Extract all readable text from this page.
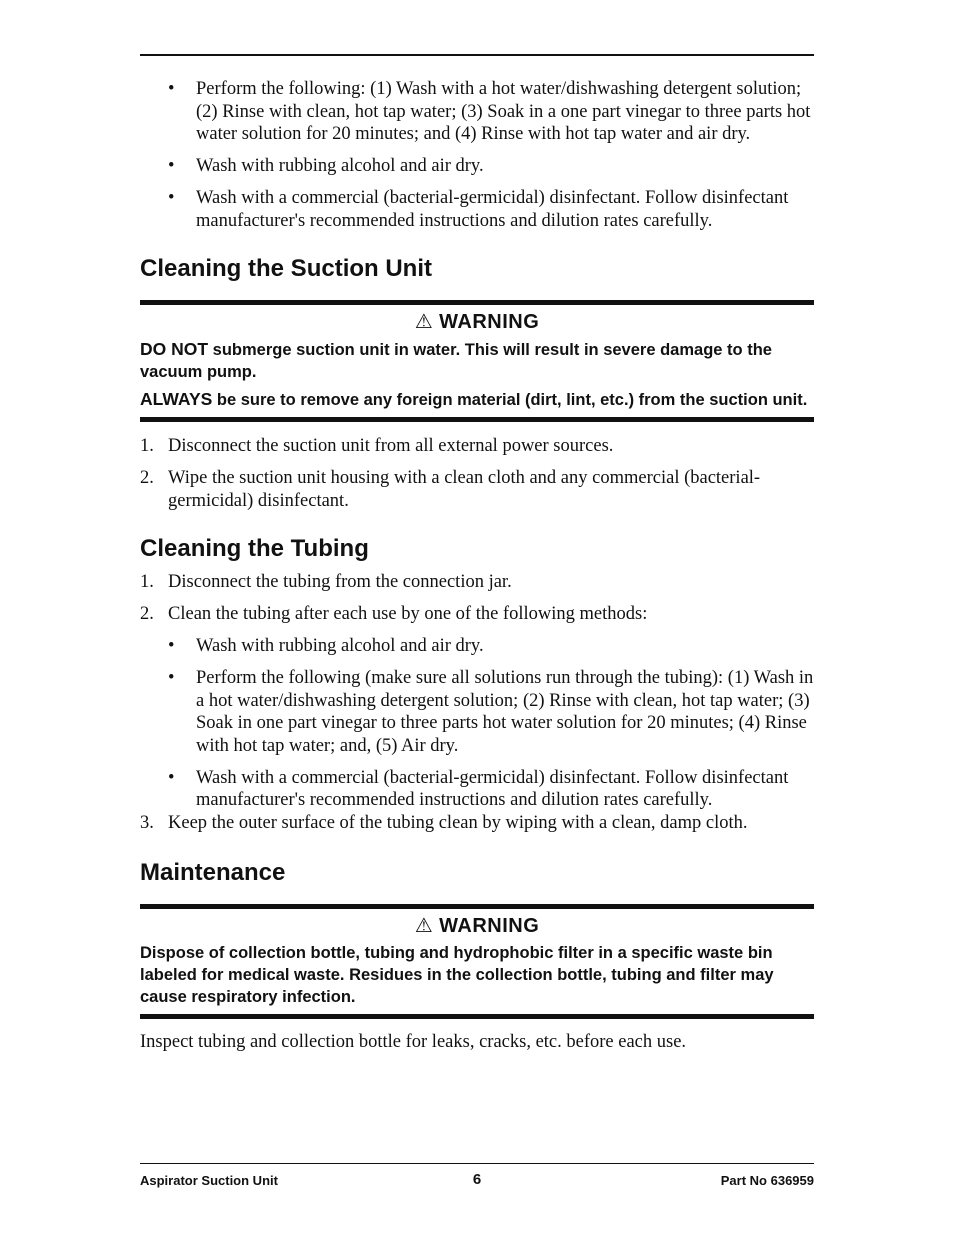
• Perform the following: (1) Wash with a hot water/dishwashing detergent solution; (2) Rinse with clean, hot tap water; (3) Soak in a one part vinegar to three parts hot water solution for 20 minutes; and (4) Rinse with hot tap water and air dry.
• Wash with rubbing alcohol and air dry.
• Wash with a commercial (bacterial-germicidal) disinfectant. Follow disinfectant manufacturer's recommended instructions and dilution rates carefully.
Cleaning the Suction Unit
⚠ WARNING

DO NOT submerge suction unit in water. This will result in severe damage to the vacuum pump.

ALWAYS be sure to remove any foreign material (dirt, lint, etc.) from the suction unit.

1. Disconnect the suction unit from all external power sources.
2. Wipe the suction unit housing with a clean cloth and any commercial (bacterial-germicidal) disinfectant.
Cleaning the Tubing
1. Disconnect the tubing from the connection jar.
2. Clean the tubing after each use by one of the following methods:
• Wash with rubbing alcohol and air dry.
• Perform the following (make sure all solutions run through the tubing): (1) Wash in a hot water/dishwashing detergent solution; (2) Rinse with clean, hot tap water; (3) Soak in one part vinegar to three parts hot water solution for 20 minutes; (4) Rinse with hot tap water; and, (5) Air dry.
• Wash with a commercial (bacterial-germicidal) disinfectant. Follow disinfectant manufacturer's recommended instructions and dilution rates carefully.
3. Keep the outer surface of the tubing clean by wiping with a clean, damp cloth.
Maintenance
⚠ WARNING

Dispose of collection bottle, tubing and hydrophobic filter in a specific waste bin labeled for medical waste. Residues in the collection bottle, tubing and filter may cause respiratory infection.

Inspect tubing and collection bottle for leaks, cracks, etc. before each use.

Aspirator Suction Unit	6	Part No 636959
